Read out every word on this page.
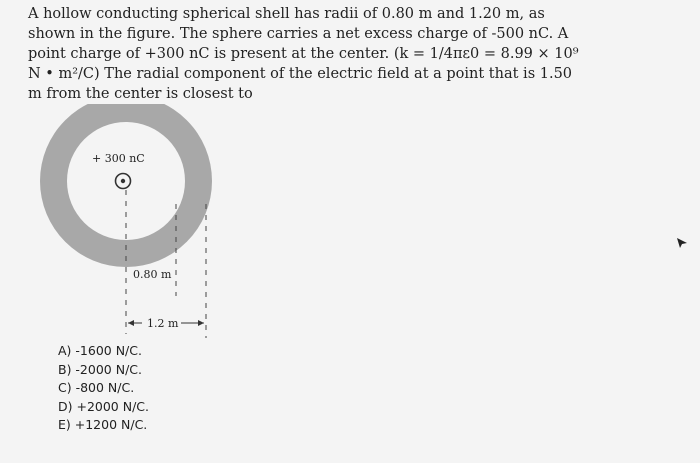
A hollow conducting spherical shell has radii of 0.80 m and 1.20 m, as shown in the figure. The sphere carries a net excess charge of -500 nC. A point charge of +300 nC is present at the center. (k = 1/4πε0 = 8.99 × 10⁹ N • m²/C) The radial component of the electric field at a point that is 1.50 m from the center is closest to
+ 300 nC
0.80 m
1.2 m
A) -1600 N/C.
B) -2000 N/C.
C) -800 N/C.
D) +2000 N/C.
E) +1200 N/C.
